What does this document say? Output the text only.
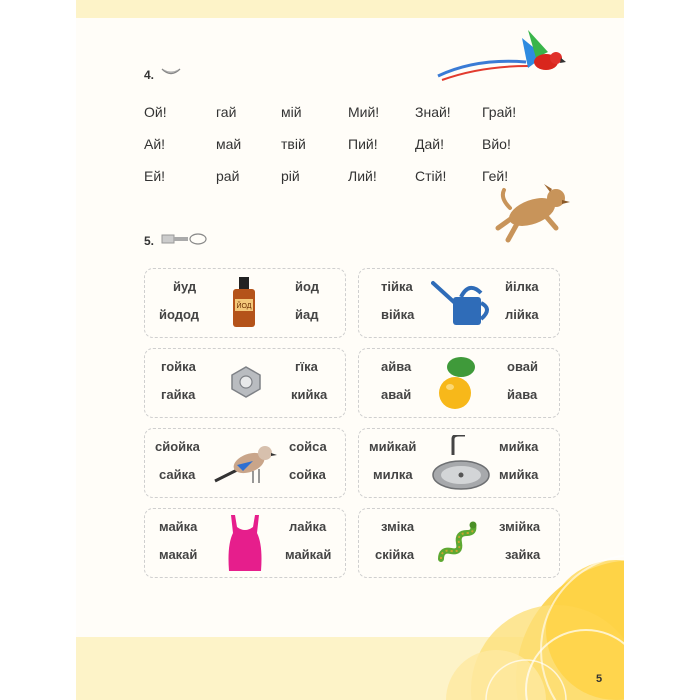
4.
Ой!	гай	мій	Мий!	Знай! Грай!
Ай!	май	твій	Пий!	Дай!	Вйо!
Ей!	рай	рій	Лий!	Стій!	Гей!
5.
йуд	йод
йодод	йад
ЙОД
тійка	йілка
війка	лійка
гойка	гїка
гайка	кийка
айва	овай
авай	йава
сйойка	сойса
сайка	сойка
мийкай	мийка
милка	мийка
майка	лайка
макай	майкай
зміка	змійка
скійка	зайка
5
